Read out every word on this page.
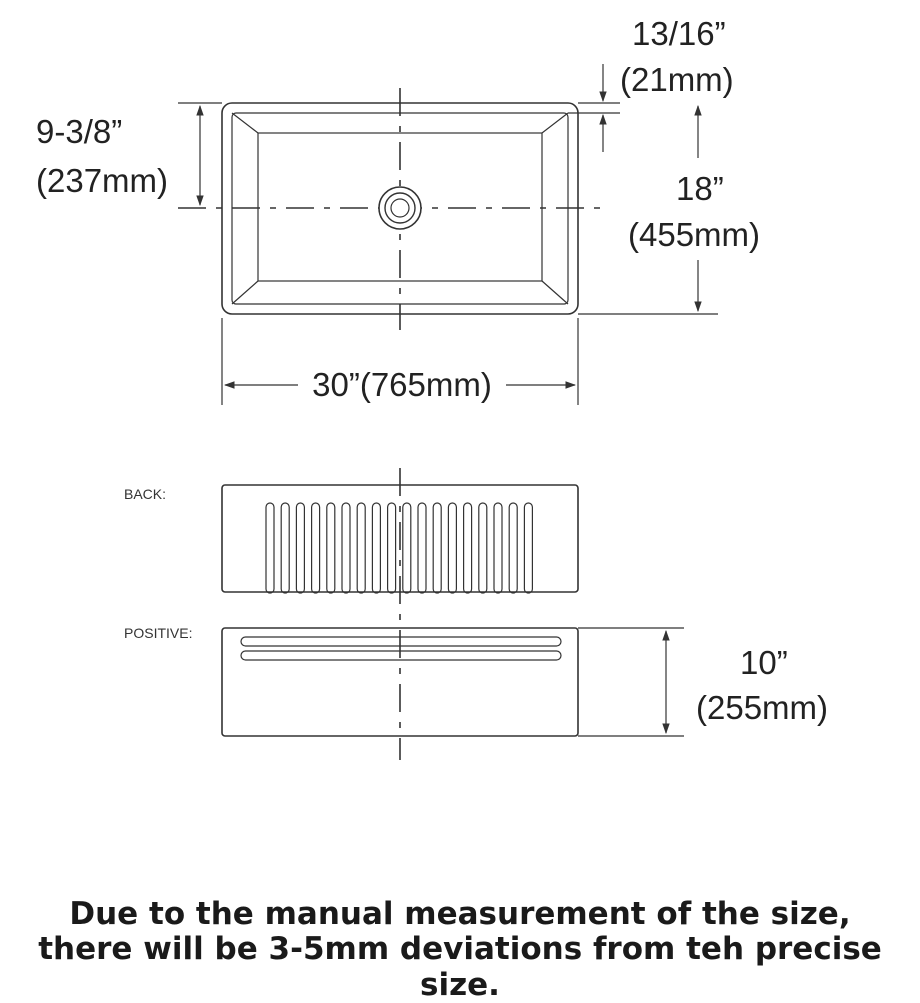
9-3/8”
(237mm)
13/16”
(21mm)
18”
(455mm)
30”(765mm)
BACK:
POSITIVE:
10”
(255mm)

Due to the manual measurement of the size,

there will be 3-5mm deviations from teh precise size.
